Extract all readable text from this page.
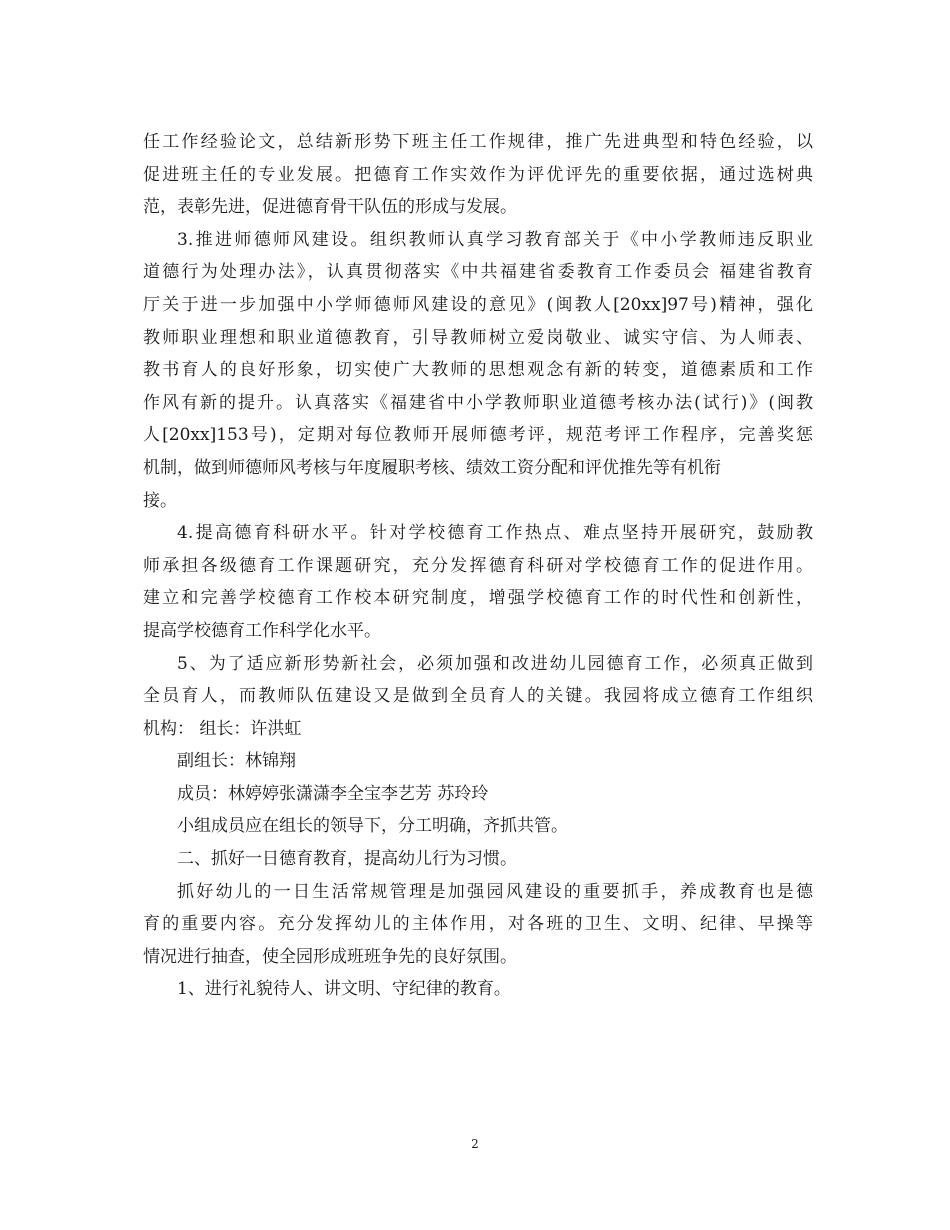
任工作经验论文，总结新形势下班主任工作规律，推广先进典型和特色经验，以
促进班主任的专业发展。把德育工作实效作为评优评先的重要依据，通过选树典
范，表彰先进，促进德育骨干队伍的形成与发展。
3.推进师德师风建设。组织教师认真学习教育部关于《中小学教师违反职业
道德行为处理办法》，认真贯彻落实《中共福建省委教育工作委员会 福建省教育
厅关于进一步加强中小学师德师风建设的意见》(闽教人[20xx]97号)精神，强化
教师职业理想和职业道德教育，引导教师树立爱岗敬业、诚实守信、为人师表、
教书育人的良好形象，切实使广大教师的思想观念有新的转变，道德素质和工作
作风有新的提升。认真落实《福建省中小学教师职业道德考核办法(试行)》(闽教
人[20xx]153号)，定期对每位教师开展师德考评，规范考评工作程序，完善奖惩
机制，做到师德师风考核与年度履职考核、绩效工资分配和评优推先等有机衔
接。
4.提高德育科研水平。针对学校德育工作热点、难点坚持开展研究，鼓励教
师承担各级德育工作课题研究，充分发挥德育科研对学校德育工作的促进作用。
建立和完善学校德育工作校本研究制度，增强学校德育工作的时代性和创新性，
提高学校德育工作科学化水平。
5、为了适应新形势新社会，必须加强和改进幼儿园德育工作，必须真正做到
全员育人，而教师队伍建设又是做到全员育人的关键。我园将成立德育工作组织
机构： 组长：许洪虹
副组长：林锦翔
成员：林婷婷张潇潇李全宝李艺芳 苏玲玲
小组成员应在组长的领导下，分工明确，齐抓共管。
二、抓好一日德育教育，提高幼儿行为习惯。
抓好幼儿的一日生活常规管理是加强园风建设的重要抓手，养成教育也是德
育的重要内容。充分发挥幼儿的主体作用，对各班的卫生、文明、纪律、早操等
情况进行抽查，使全园形成班班争先的良好氛围。
1、进行礼貌待人、讲文明、守纪律的教育。
2
